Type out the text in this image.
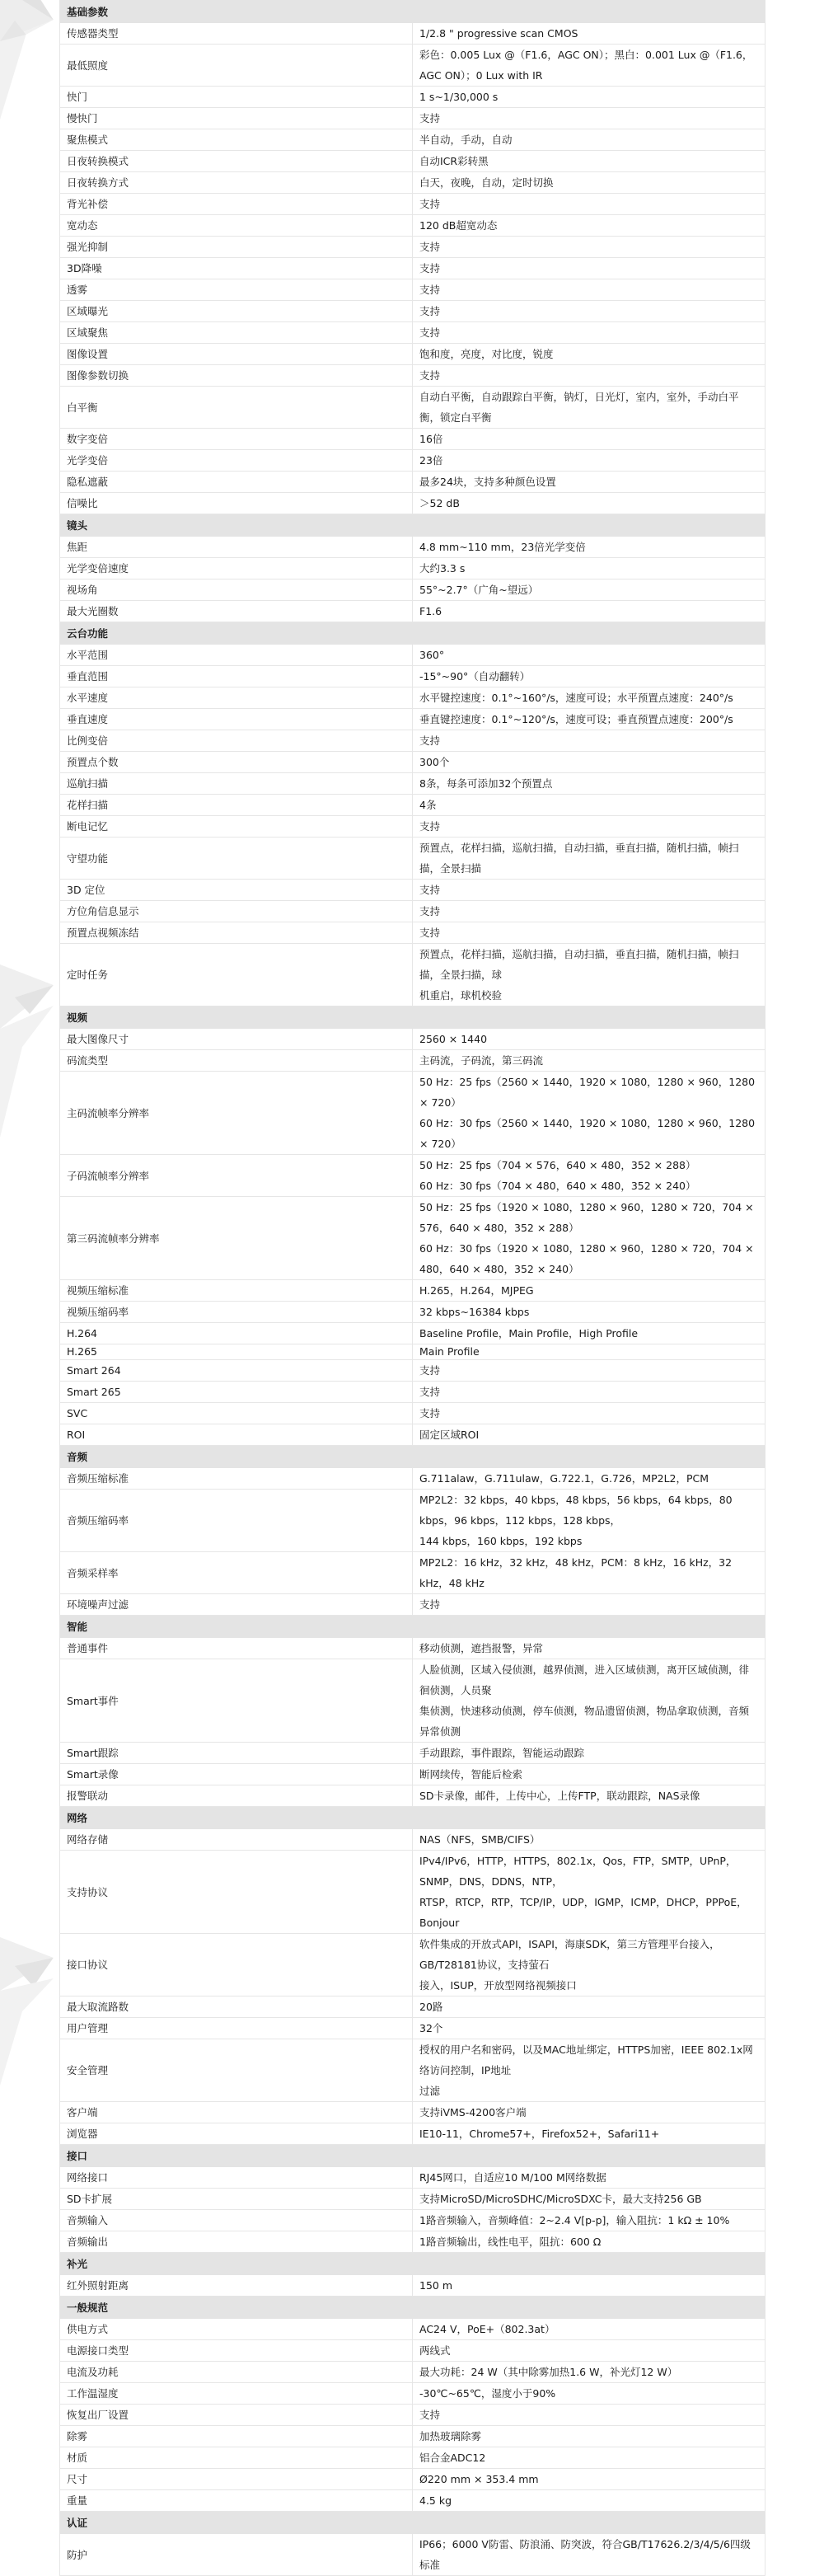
基础参数	
传感器类型	1/2.8 " progressive scan CMOS
最低照度	彩色：0.005 Lux @（F1.6，AGC ON）；黑白：0.001 Lux @（F1.6，AGC ON）；0 Lux with IR
快门	1 s~1/30,000 s
慢快门	支持
聚焦模式	半自动，手动，自动
日夜转换模式	自动ICR彩转黑
日夜转换方式	白天，夜晚，自动，定时切换
背光补偿	支持
宽动态	120 dB超宽动态
强光抑制	支持
3D降噪	支持
透雾	支持
区域曝光	支持
区域聚焦	支持
图像设置	饱和度，亮度，对比度，锐度
图像参数切换	支持
白平衡	自动白平衡，自动跟踪白平衡，钠灯，日光灯，室内，室外，手动白平衡，锁定白平衡
数字变倍	16倍
光学变倍	23倍
隐私遮蔽	最多24块，支持多种颜色设置
信噪比	＞52 dB
镜头	
焦距	4.8 mm~110 mm，23倍光学变倍
光学变倍速度	大约3.3 s
视场角	55°~2.7°（广角~望远）
最大光圈数	F1.6
云台功能	
水平范围	360°
垂直范围	-15°~90°（自动翻转）
水平速度	水平键控速度：0.1°~160°/s，速度可设；水平预置点速度：240°/s
垂直速度	垂直键控速度：0.1°~120°/s，速度可设；垂直预置点速度：200°/s
比例变倍	支持
预置点个数	300个
巡航扫描	8条，每条可添加32个预置点
花样扫描	4条
断电记忆	支持
守望功能	预置点，花样扫描，巡航扫描，自动扫描，垂直扫描，随机扫描，帧扫描，全景扫描
3D 定位	支持
方位角信息显示	支持
预置点视频冻结	支持
定时任务	预置点，花样扫描，巡航扫描，自动扫描，垂直扫描，随机扫描，帧扫描，全景扫描，球
机重启，球机校验

视频	
最大图像尺寸	2560 × 1440
码流类型	主码流，子码流，第三码流
主码流帧率分辨率	50 Hz：25 fps（2560 × 1440，1920 × 1080，1280 × 960，1280 × 720）
60 Hz：30 fps（2560 × 1440，1920 × 1080，1280 × 960，1280 × 720）

子码流帧率分辨率	50 Hz：25 fps（704 × 576，640 × 480，352 × 288）
60 Hz：30 fps（704 × 480，640 × 480，352 × 240）

第三码流帧率分辨率	50 Hz：25 fps（1920 × 1080，1280 × 960，1280 × 720，704 × 576，640 × 480，352 × 288）
60 Hz：30 fps（1920 × 1080，1280 × 960，1280 × 720，704 × 480，640 × 480，352 × 240）

视频压缩标准	H.265，H.264，MJPEG
视频压缩码率	32 kbps~16384 kbps
H.264	Baseline Profile，Main Profile，High Profile
H.265	Main Profile
Smart 264	支持
Smart 265	支持
SVC	支持
ROI	固定区域ROI
音频	
音频压缩标准	G.711alaw，G.711ulaw，G.722.1，G.726，MP2L2，PCM
音频压缩码率	MP2L2：32 kbps，40 kbps，48 kbps，56 kbps，64 kbps，80 kbps，96 kbps，112 kbps，128 kbps，
144 kbps，160 kbps，192 kbps

音频采样率	MP2L2：16 kHz，32 kHz，48 kHz，PCM：8 kHz，16 kHz，32 kHz，48 kHz
环境噪声过滤	支持
智能	
普通事件	移动侦测，遮挡报警，异常
Smart事件	人脸侦测，区域入侵侦测，越界侦测，进入区域侦测，离开区域侦测，徘徊侦测，人员聚
集侦测，快速移动侦测，停车侦测，物品遗留侦测，物品拿取侦测，音频异常侦测

Smart跟踪	手动跟踪，事件跟踪，智能运动跟踪
Smart录像	断网续传，智能后检索
报警联动	SD卡录像，邮件，上传中心，上传FTP，联动跟踪，NAS录像
网络	
网络存储	NAS（NFS，SMB/CIFS）
支持协议	IPv4/IPv6，HTTP，HTTPS，802.1x，Qos，FTP，SMTP，UPnP，SNMP，DNS，DDNS，NTP，
RTSP，RTCP，RTP，TCP/IP，UDP，IGMP，ICMP，DHCP，PPPoE，Bonjour

接口协议	软件集成的开放式API，ISAPI，海康SDK，第三方管理平台接入，GB/T28181协议，支持萤石
接入，ISUP，开放型网络视频接口

最大取流路数	20路
用户管理	32个
安全管理	授权的用户名和密码，以及MAC地址绑定，HTTPS加密，IEEE 802.1x网络访问控制，IP地址
过滤

客户端	支持iVMS-4200客户端
浏览器	IE10-11，Chrome57+，Firefox52+，Safari11+
接口	
网络接口	RJ45网口，自适应10 M/100 M网络数据
SD卡扩展	支持MicroSD/MicroSDHC/MicroSDXC卡，最大支持256 GB
音频输入	1路音频输入，音频峰值：2~2.4 V[p-p]，输入阻抗：1 kΩ ± 10%
音频输出	1路音频输出，线性电平，阻抗：600 Ω
补光	
红外照射距离	150 m
一般规范	
供电方式	AC24 V，PoE+（802.3at）
电源接口类型	两线式
电流及功耗	最大功耗：24 W（其中除雾加热1.6 W，补光灯12 W）
工作温湿度	-30℃~65℃，湿度小于90%
恢复出厂设置	支持
除雾	加热玻璃除雾
材质	铝合金ADC12
尺寸	Ø220 mm × 353.4 mm
重量	4.5 kg
认证	
防护	IP66；6000 V防雷、防浪涌、防突波，符合GB/T17626.2/3/4/5/6四级标准
